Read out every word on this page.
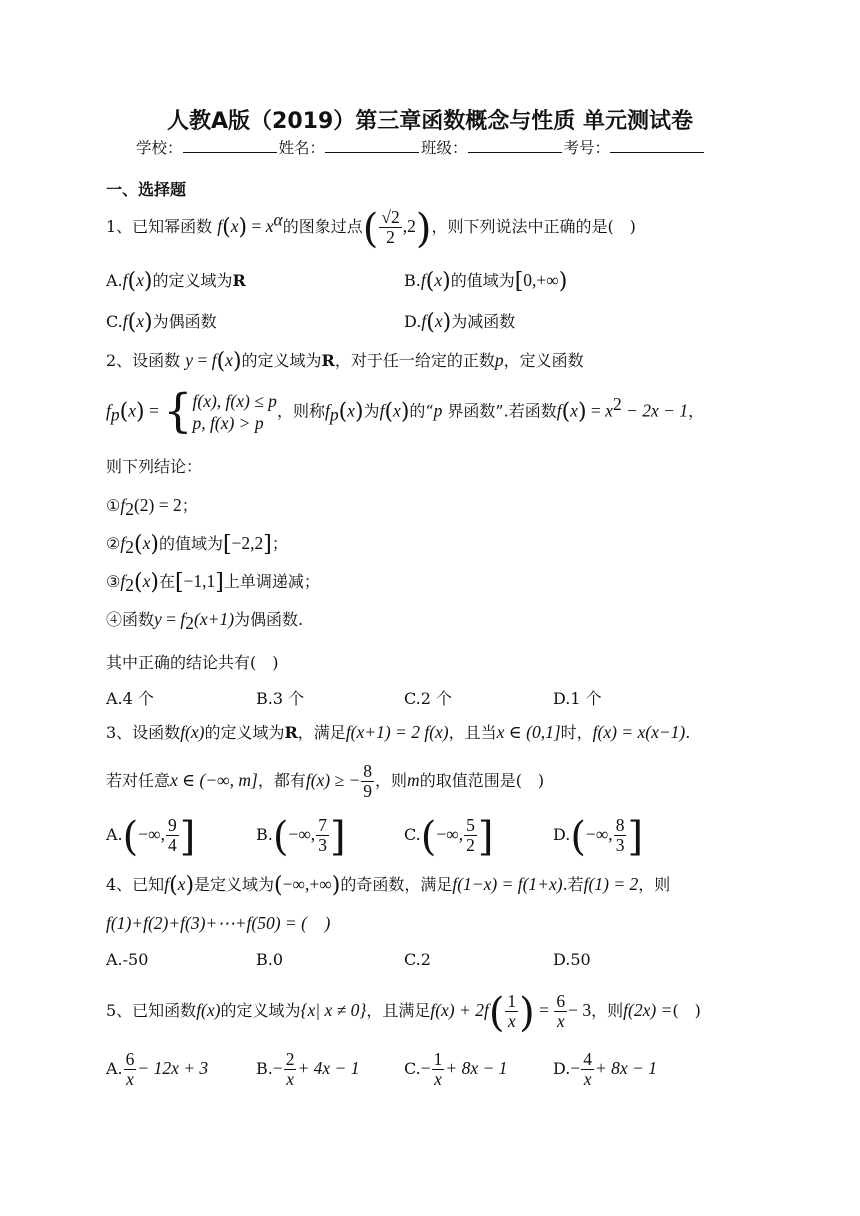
人教A版（2019）第三章函数概念与性质 单元测试卷
学校：	姓名：	班级：	考号：
一、选择题
1、已知幂函数 $f(x) = x^\alpha$的图象过点( $\frac{√2}{2} ,2$)，则下列说法中正确的是(　)
A.f(x)的定义域为R	B.f(x)的值域为[0,+∞)
C.f(x)为偶函数	D.f(x)为减函数
2、设函数 y = f(x)的定义域为R，对于任一给定的正数p，定义函数
$f_p(x)$ = { f(x), f(x) ≤ p
p, f(x) > p
，则称$f_p(x)$为f(x)的“p 界函数”.若函数$f(x) = x^2 - 2x - 1$，
则下列结论：
$①f_2(2) = 2$；
$②f_2(x)$的值域为[−2,2]；
$③f_2(x)$在[−1,1]上单调递减；
④函数$y = f_2(x+1)$为偶函数.
其中正确的结论共有(　)
A.4 个	B.3 个	C.2 个	D.1 个
3、设函数f(x)的定义域为R，满足f(x+1) = 2 f(x)，且当x ∈ (0,1]时，f(x) = x(x−1).
若对任意x ∈ (−∞, m]，都有f(x) ≥ − $\frac{8}{9}$ ，则m的取值范围是(　)
A.(−∞, $\frac{9}{4}$ ]	B.(−∞, $\frac{7}{3}$ ]	C.(−∞, $\frac{5}{2}$ ]	D.(−∞, $\frac{8}{3}$ ]
4、已知f(x)是定义域为(−∞,+∞)的奇函数，满足f(1−x) = f(1+x).若f(1) = 2，则
f(1)+f(2)+f(3)+⋯+f(50) = (　)
A.-50	B.0	C.2	D.50
5、已知函数f(x)的定义域为{x| x ≠ 0}，且满足$f(x) + 2f( \frac{1}{x}$ ) = $\frac{6}{x} - 3$，则f(2x) =(　)
A. $\frac{6}{x} - 12x + 3$	$B.- \frac{2}{x} + 4x - 1$	$C.- \frac{1}{x} + 8x - 1$	$D.- \frac{4}{x} + 8x - 1$
